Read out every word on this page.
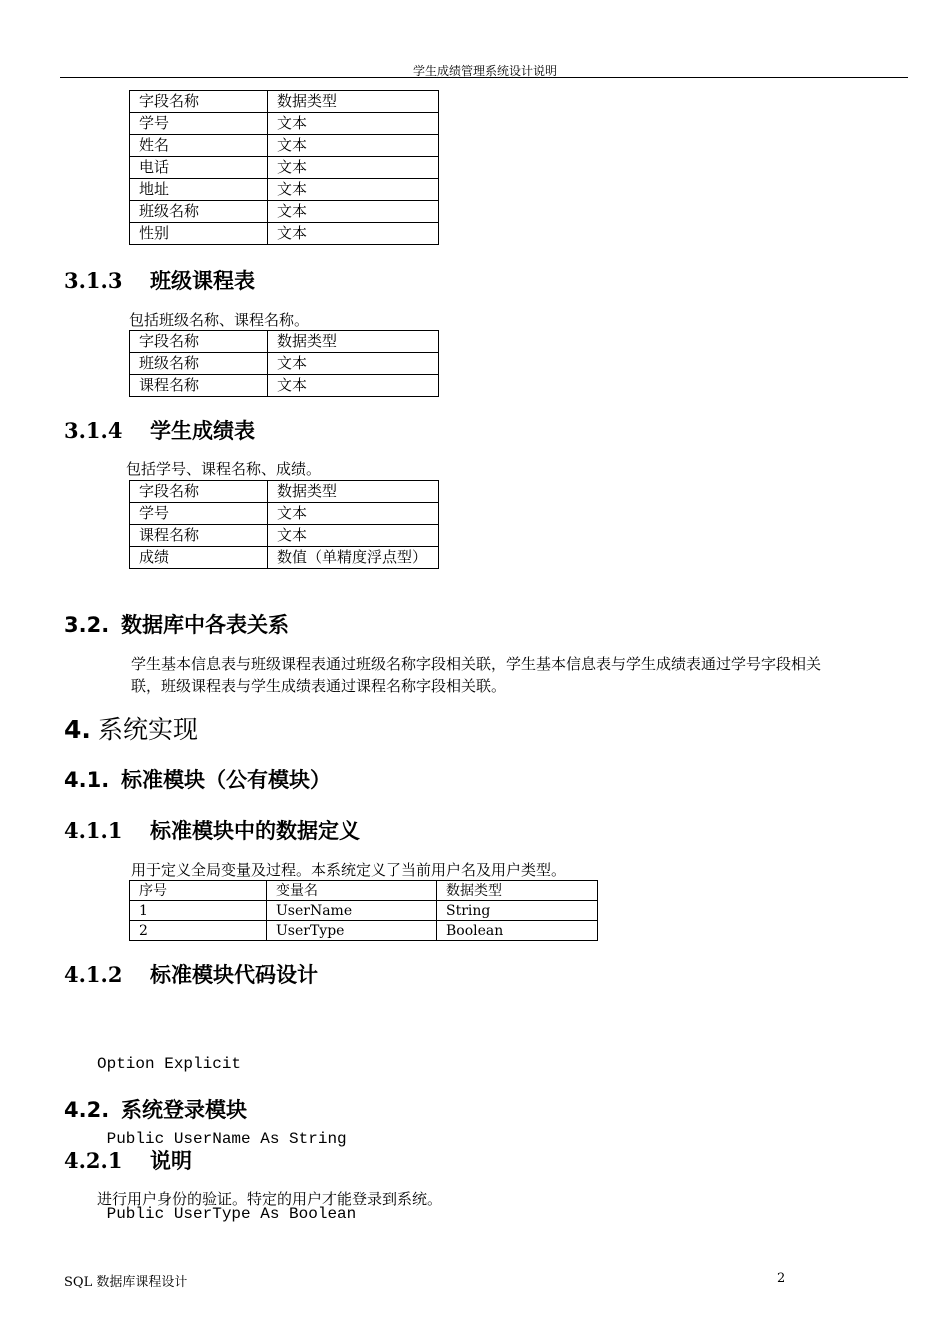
学生成绩管理系统设计说明
字段名称	数据类型
学号	文本
姓名	文本
电话	文本
地址	文本
班级名称	文本
性别	文本
3.1.3 班级课程表
包括班级名称、课程名称。
字段名称	数据类型
班级名称	文本
课程名称	文本
3.1.4 学生成绩表
包括学号、课程名称、成绩。
字段名称	数据类型
学号	文本
课程名称	文本
成绩	数值（单精度浮点型）
3.2. 数据库中各表关系
学生基本信息表与班级课程表通过班级名称字段相关联，学生基本信息表与学生成绩表通过学号字段相关
联，班级课程表与学生成绩表通过课程名称字段相关联。
4. 系统实现
4.1. 标准模块（公有模块）
4.1.1 标准模块中的数据定义
用于定义全局变量及过程。本系统定义了当前用户名及用户类型。
序号	变量名	数据类型
1	UserName	String
2	UserType	Boolean
4.1.2 标准模块代码设计

Option Explicit

Public UserName As String

Public UserType As Boolean

4.2. 系统登录模块
4.2.1 说明
进行用户身份的验证。特定的用户才能登录到系统。
SQL 数据库课程设计	2
